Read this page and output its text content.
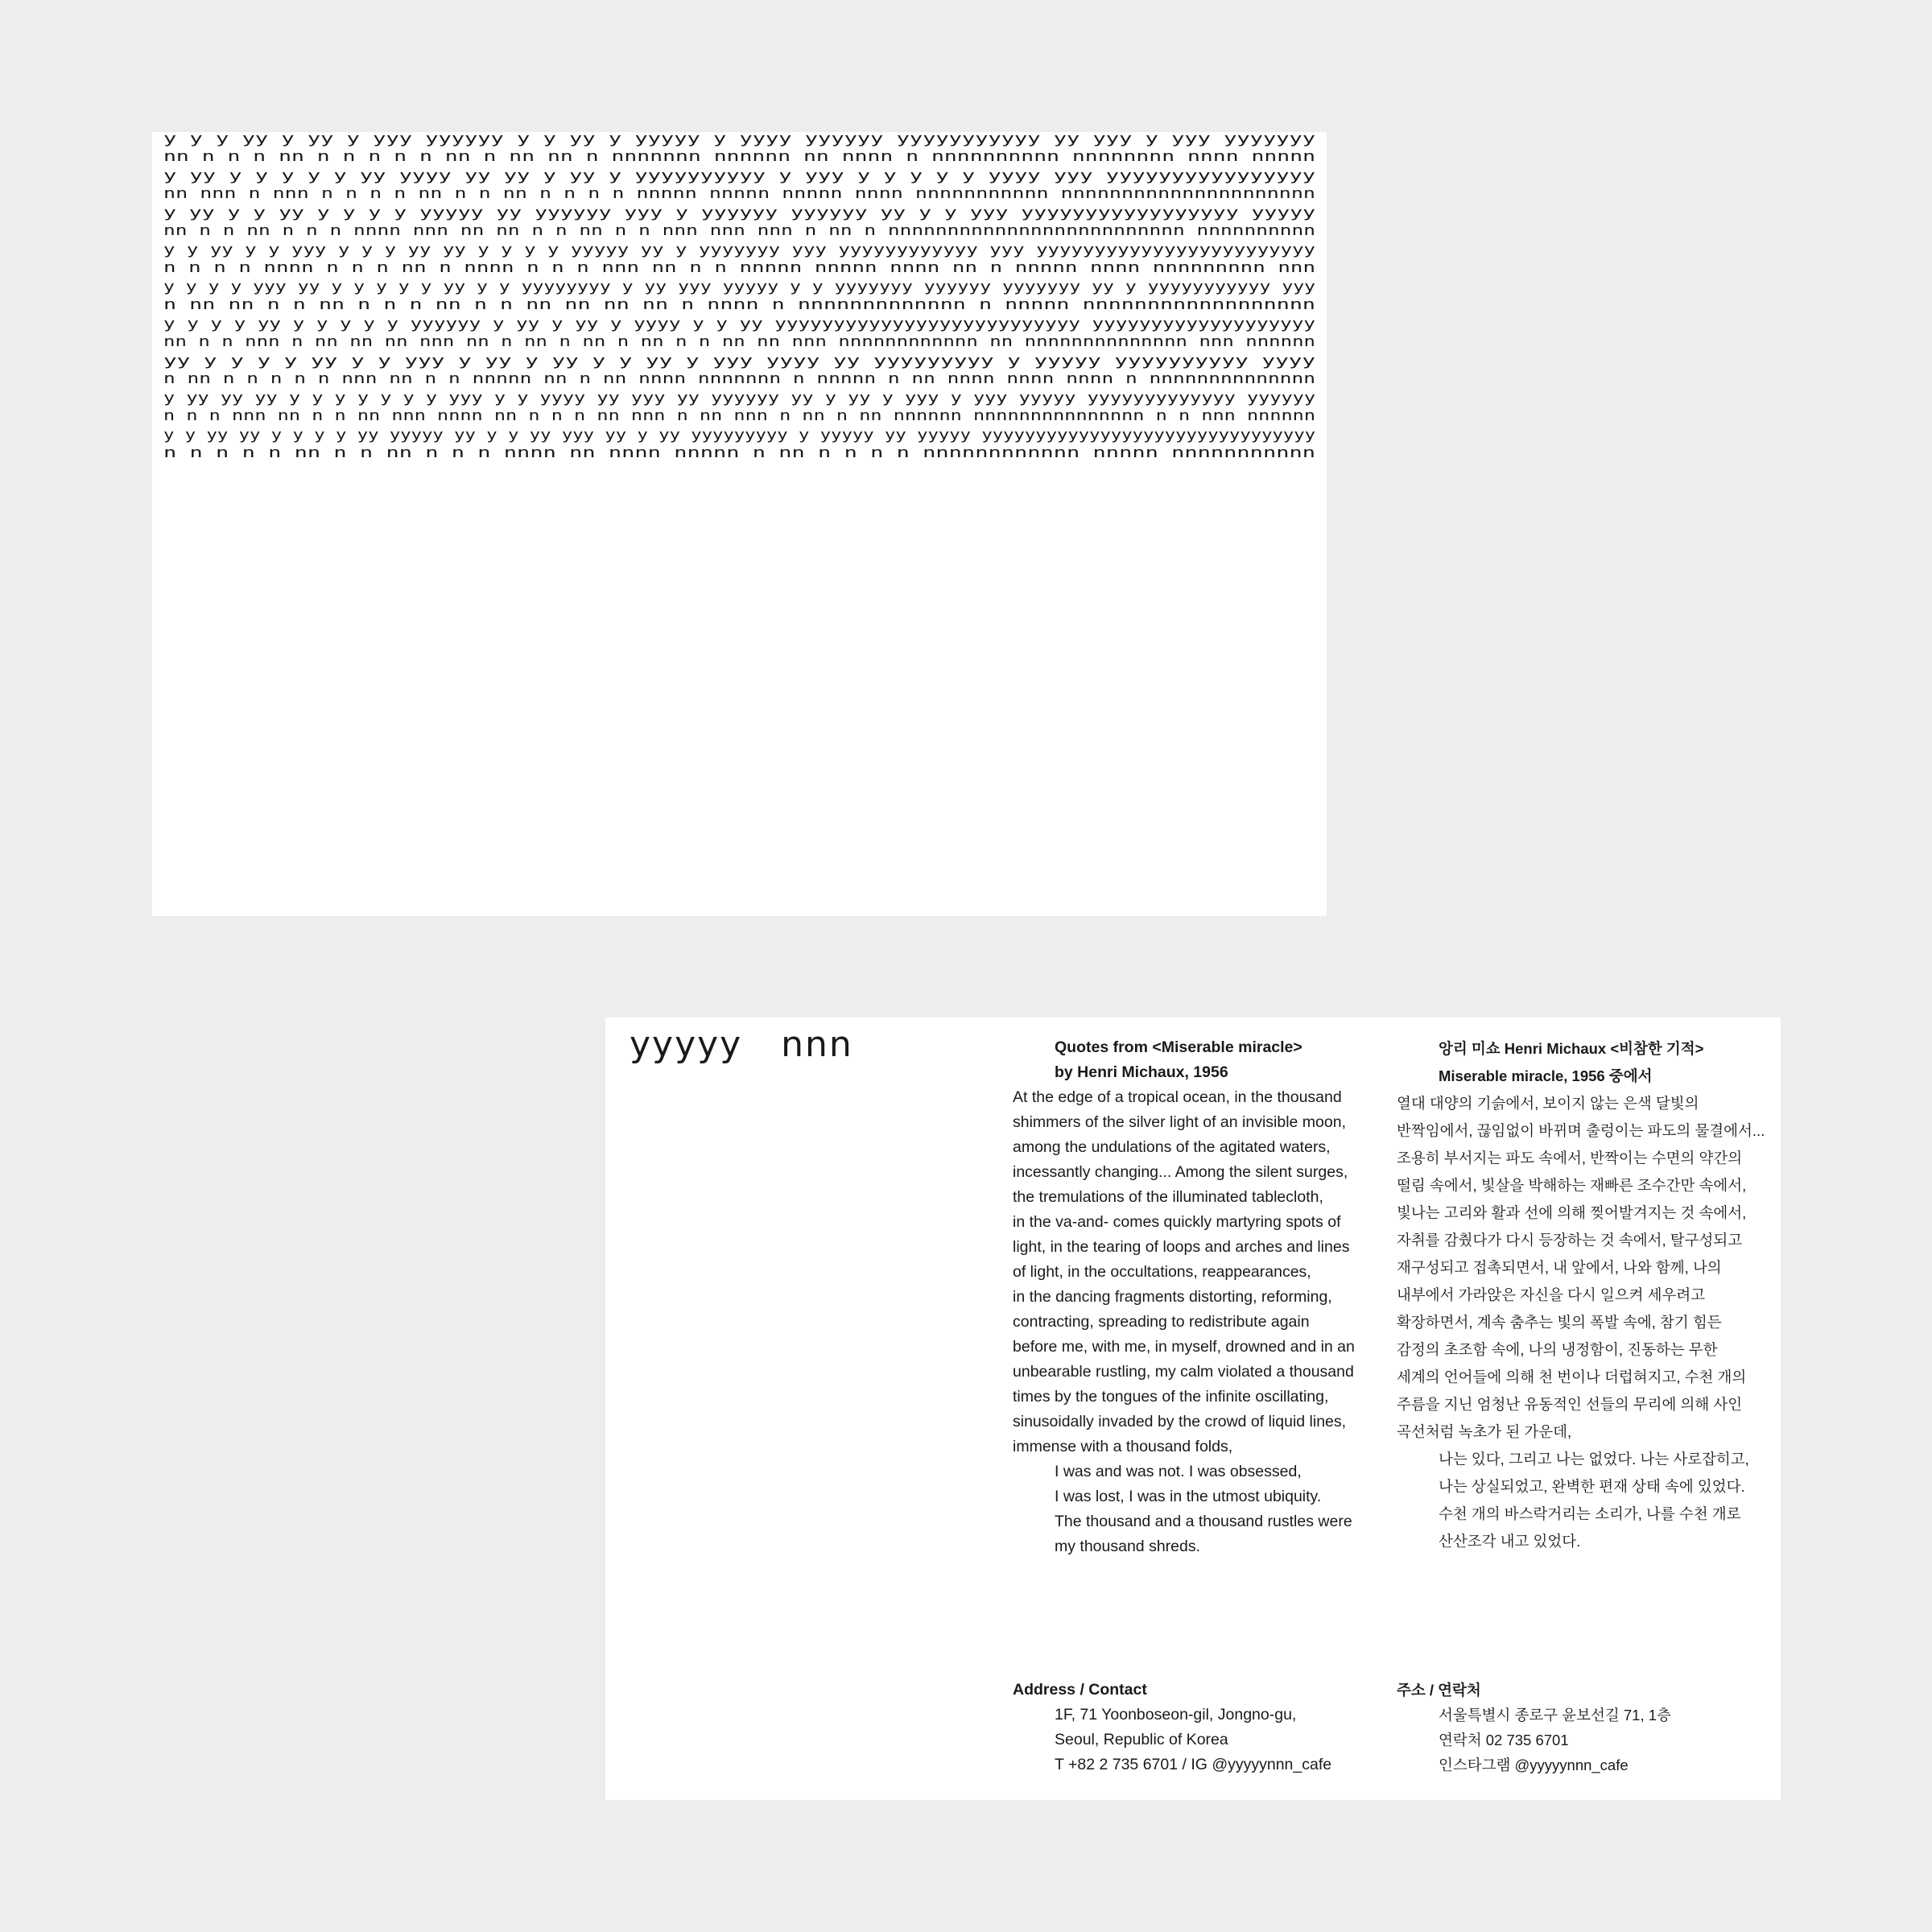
y y y yy y yy y yyy yyyyyy y y yy y yyyyy y yyyy yyyyyy yyyyyyyyyyy yy yyy y yyy yyyyyyy
nn n n n nn n n n n n nn n nn nn n nnnnnnn nnnnnn nn nnnn n nnnnnnnnnn nnnnnnnn nnnn nnnnn
y yy y y y y y yy yyyy yy yy y yy y yyyyyyyyyy y yyy y y y y y yyyy yyy yyyyyyyyyyyyyyyy
nn nnn n nnn n n n n nn n n nn n n n n nnnnn nnnnn nnnnn nnnn nnnnnnnnnnn nnnnnnnnnnnnnnnnnnnnn
y yy y y yy y y y y yyyyy yy yyyyyy yyy y yyyyyy yyyyyy yy y y yyy yyyyyyyyyyyyyyyyy yyyyy
nn n n nn n n n nnnn nnn nn nn n n nn n n nnn nnn nnn n nn n nnnnnnnnnnnnnnnnnnnnnnnnn nnnnnnnnnn
y y yy y y yyy y y y yy yy y y y y yyyyy yy y yyyyyyy yyy yyyyyyyyyyyy yyy yyyyyyyyyyyyyyyyyyyyyyyy
n n n n nnnn n n n nn n nnnn n n n nnn nn n n nnnnn nnnnn nnnn nn n nnnnn nnnn nnnnnnnnn nnn
y y y y yyy yy y y y y y yy y y yyyyyyyy y yy yyy yyyyy y y yyyyyyy yyyyyy yyyyyyy yy y yyyyyyyyyyy yyy
n nn nn n n nn n n n nn n n nn nn nn nn n nnnn n nnnnnnnnnnnnn n nnnnn nnnnnnnnnnnnnnnnnn
y y y y yy y y y y y yyyyyy y yy y yy y yyyy y y yy yyyyyyyyyyyyyyyyyyyyyyyyyy yyyyyyyyyyyyyyyyyyy
nn n n nnn n nn nn nn nnn nn n nn n nn n nn n n nn nn nnn nnnnnnnnnnnn nn nnnnnnnnnnnnnn nnn nnnnnn
yy y y y y yy y y yyy y yy y yy y y yy y yyy yyyy yy yyyyyyyyy y yyyyy yyyyyyyyyy yyyy
n nn n n n n n nnn nn n n nnnnn nn n nn nnnn nnnnnnn n nnnnn n nn nnnn nnnn nnnn n nnnnnnnnnnnnnn
y yy yy yy y y y y y y y yyy y y yyyy yy yyy yy yyyyyy yy y yy y yyy y yyy yyyyy yyyyyyyyyyyyy yyyyyy
n n n nnn nn n n nn nnn nnnn nn n n n nn nnn n nn nnn n nn n nn nnnnnn nnnnnnnnnnnnnnn n n nnn nnnnnn
y y yy yy y y y y yy yyyyy yy y y yy yyy yy y yy yyyyyyyyy y yyyyy yy yyyyy yyyyyyyyyyyyyyyyyyyyyyyyyyyyyyy
n n n n n nn n n nn n n n nnnn nn nnnn nnnnn n nn n n n n nnnnnnnnnnnn nnnnn nnnnnnnnnnn
yyyyy   nnn	Quotes from <Miserable miracle>
by Henri Michaux, 1956
At the edge of a tropical ocean, in the thousand
shimmers of the silver light of an invisible moon,
among the undulations of the agitated waters,
incessantly changing... Among the silent surges,
the tremulations of the illuminated tablecloth,
in the va-and- comes quickly martyring spots of
light, in the tearing of loops and arches and lines
of light, in the occultations, reappearances,
in the dancing fragments distorting, reforming,
contracting, spreading to redistribute again
before me, with me, in myself, drowned and in an
unbearable rustling, my calm violated a thousand
times by the tongues of the infinite oscillating,
sinusoidally invaded by the crowd of liquid lines,
immense with a thousand folds,
I was and was not. I was obsessed,
I was lost, I was in the utmost ubiquity.
The thousand and a thousand rustles were
my thousand shreds.
앙리 미쇼 Henri Michaux <비참한 기적>
Miserable miracle, 1956 중에서
열대 대양의 기슭에서, 보이지 않는 은색 달빛의
반짝임에서, 끊임없이 바뀌며 출렁이는 파도의 물결에서...
조용히 부서지는 파도 속에서, 반짝이는 수면의 약간의
떨림 속에서, 빛살을 박해하는 재빠른 조수간만 속에서,
빛나는 고리와 활과 선에 의해 찢어발겨지는 것 속에서,
자취를 감췄다가 다시 등장하는 것 속에서, 탈구성되고
재구성되고 접촉되면서, 내 앞에서, 나와 함께, 나의
내부에서 가라앉은 자신을 다시 일으켜 세우려고
확장하면서, 계속 춤추는 빛의 폭발 속에, 참기 힘든
감정의 초조함 속에, 나의 냉정함이, 진동하는 무한
세계의 언어들에 의해 천 번이나 더럽혀지고, 수천 개의
주름을 지닌 엄청난 유동적인 선들의 무리에 의해 사인
곡선처럼 녹초가 된 가운데,
나는 있다, 그리고 나는 없었다. 나는 사로잡히고,
나는 상실되었고, 완벽한 편재 상태 속에 있었다.
수천 개의 바스락거리는 소리가, 나를 수천 개로
산산조각 내고 있었다.
Address / Contact
1F, 71 Yoonboseon-gil, Jongno-gu,
Seoul, Republic of Korea
T +82 2 735 6701 / IG @yyyyynnn_cafe
주소 / 연락처
서울특별시 종로구 윤보선길 71, 1층
연락처 02 735 6701
인스타그램 @yyyyynnn_cafe
